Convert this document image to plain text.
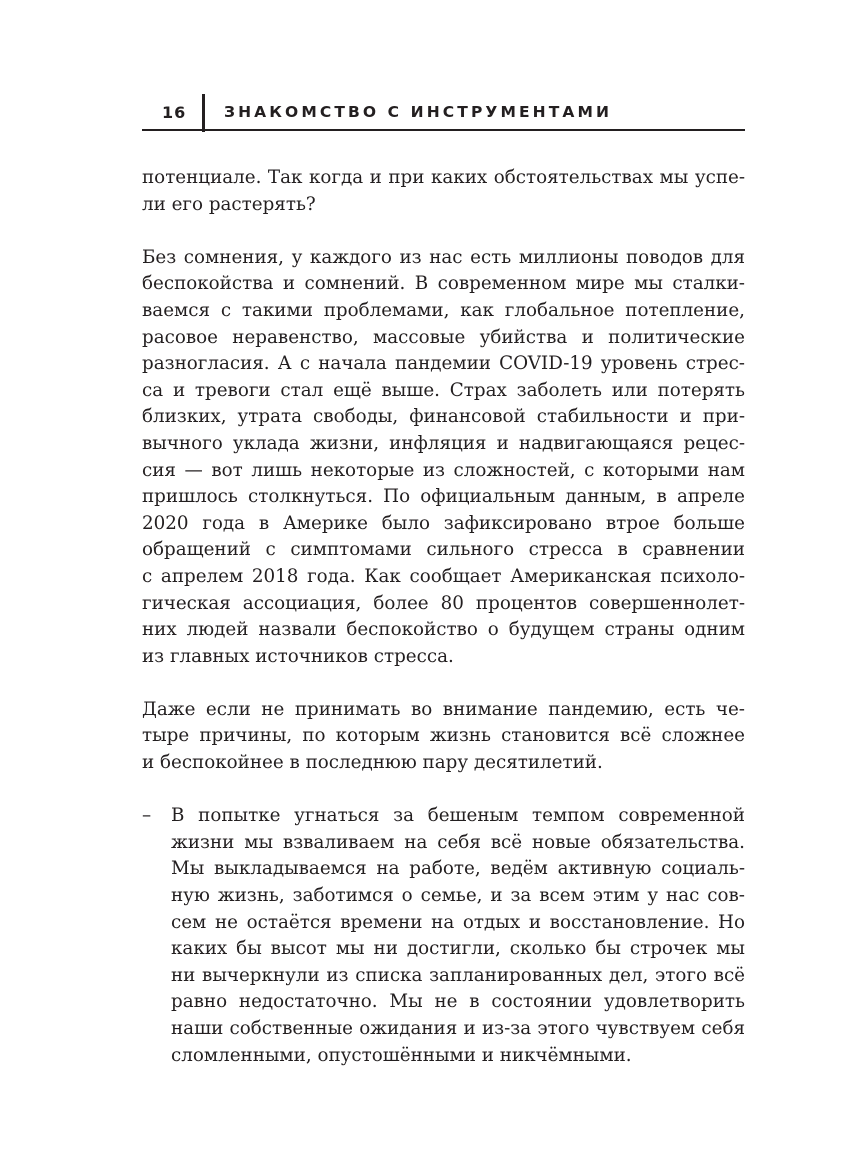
16 ЗНАКОМСТВО С ИНСТРУМЕНТАМИ
потенциале. Так когда и при каких обстоятельствах мы успе-
ли его растерять?
Без сомнения, у каждого из нас есть миллионы поводов для
беспокойства и сомнений. В современном мире мы сталки-
ваемся с такими проблемами, как глобальное потепление,
расовое неравенство, массовые убийства и политические
разногласия. А с начала пандемии COVID-19 уровень стрес-
са и тревоги стал ещё выше. Страх заболеть или потерять
близких, утрата свободы, финансовой стабильности и при-
вычного уклада жизни, инфляция и надвигающаяся рецес-
сия — вот лишь некоторые из сложностей, с которыми нам
пришлось столкнуться. По официальным данным, в апреле
2020 года в Америке было зафиксировано втрое больше
обращений с симптомами сильного стресса в сравнении
с апрелем 2018 года. Как сообщает Американская психоло-
гическая ассоциация, более 80 процентов совершеннолет-
них людей назвали беспокойство о будущем страны одним
из главных источников стресса.
Даже если не принимать во внимание пандемию, есть че-
тыре причины, по которым жизнь становится всё сложнее
и беспокойнее в последнюю пару десятилетий.
– В попытке угнаться за бешеным темпом современной
жизни мы взваливаем на себя всё новые обязательства.
Мы выкладываемся на работе, ведём активную социаль-
ную жизнь, заботимся о семье, и за всем этим у нас сов-
сем не остаётся времени на отдых и восстановление. Но
каких бы высот мы ни достигли, сколько бы строчек мы
ни вычеркнули из списка запланированных дел, этого всё
равно недостаточно. Мы не в состоянии удовлетворить
наши собственные ожидания и из-за этого чувствуем себя
сломленными, опустошёнными и никчёмными.
